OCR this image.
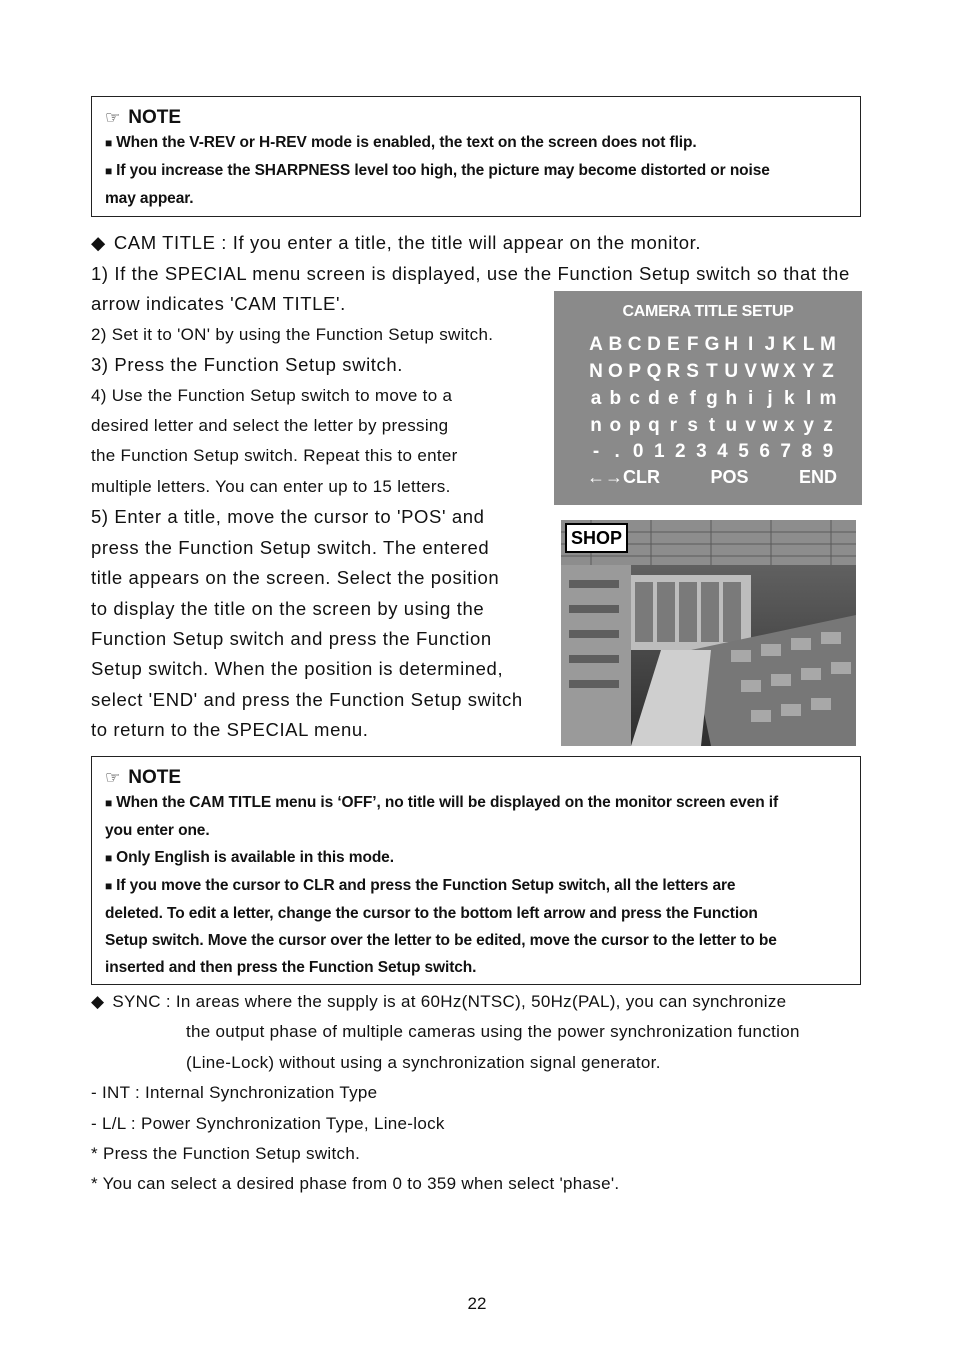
☞ NOTE
■ When the V-REV or H-REV mode is enabled, the text on the screen does not flip.
■ If you increase the SHARPNESS level too high, the picture may become distorted or noise
may appear.
◆ CAM TITLE : If you enter a title, the title will appear on the monitor.
1) If the SPECIAL menu screen is displayed, use the Function Setup switch so that the
arrow indicates 'CAM TITLE'.
2) Set it to 'ON' by using the Function Setup switch.
3) Press the Function Setup switch.
4) Use the Function Setup switch to move to a
desired letter and select the letter by pressing
the Function Setup switch. Repeat this to enter
multiple letters. You can enter up to 15 letters.
5) Enter a title, move the cursor to 'POS' and
press the Function Setup switch. The entered
title appears on the screen. Select the position
to display the title on the screen by using the
Function Setup switch and press the Function
Setup switch. When the position is determined,
select 'END' and press the Function Setup switch
to return to the SPECIAL menu.
CAMERA TITLE SETUP
A B C D E F G H I J K L M
N O P Q R S T U V W X Y Z
a b c d e f g h i j k l m
n o p q r s t u v w x y z
- . 0 1 2 3 4 5 6 7 8 9
←→CLR	POS	END
SHOP
☞ NOTE
■ When the CAM TITLE menu is ‘OFF’, no title will be displayed on the monitor screen even if
you enter one.
■ Only English is available in this mode.
■ If you move the cursor to CLR and press the Function Setup switch, all the letters are
deleted. To edit a letter, change the cursor to the bottom left arrow and press the Function
Setup switch. Move the cursor over the letter to be edited, move the cursor to the letter to be
inserted and then press the Function Setup switch.
◆ SYNC : In areas where the supply is at 60Hz(NTSC), 50Hz(PAL), you can synchronize
the output phase of multiple cameras using the power synchronization function
(Line-Lock) without using a synchronization signal generator.
- INT : Internal Synchronization Type
- L/L : Power Synchronization Type, Line-lock
* Press the Function Setup switch.
* You can select a desired phase from 0 to 359 when select 'phase'.
22
